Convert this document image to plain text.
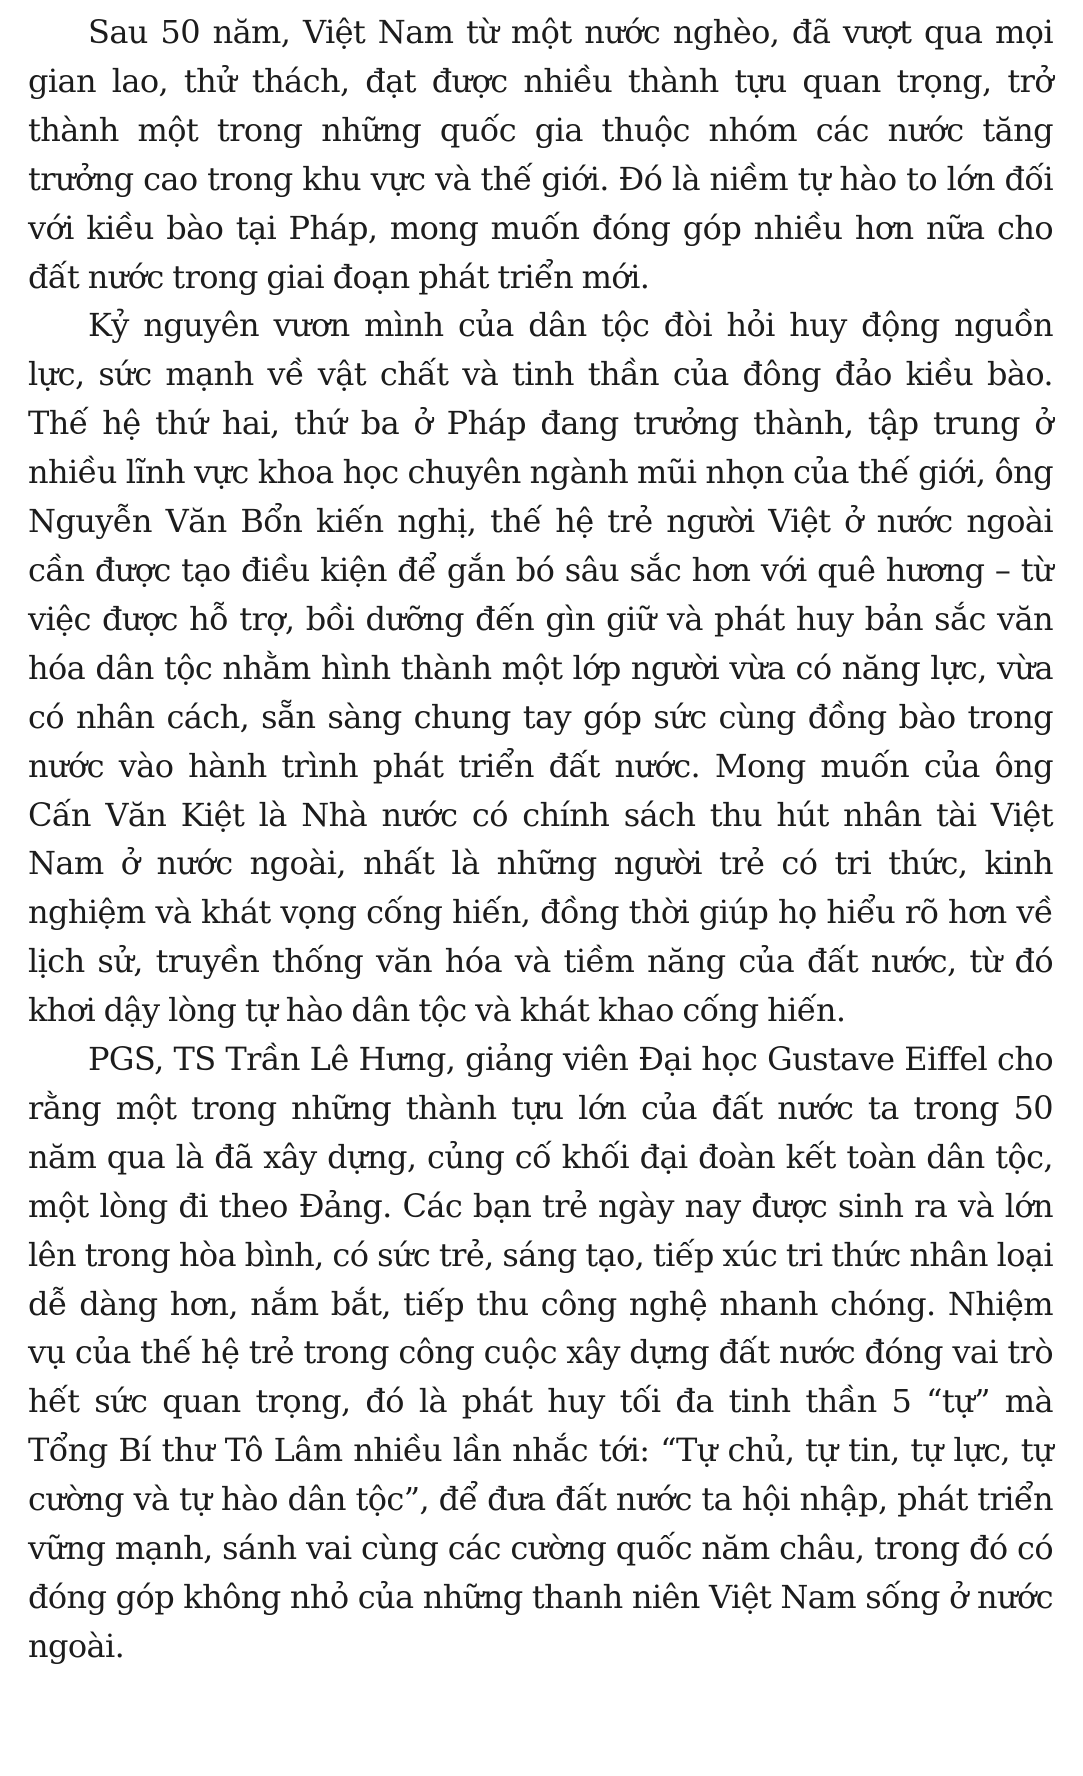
Sau 50 năm, Việt Nam từ một nước nghèo, đã vượt qua mọi gian lao, thử thách, đạt được nhiều thành tựu quan trọng, trở thành một trong những quốc gia thuộc nhóm các nước tăng trưởng cao trong khu vực và thế giới. Đó là niềm tự hào to lớn đối với kiều bào tại Pháp, mong muốn đóng góp nhiều hơn nữa cho đất nước trong giai đoạn phát triển mới.

Kỷ nguyên vươn mình của dân tộc đòi hỏi huy động nguồn lực, sức mạnh về vật chất và tinh thần của đông đảo kiều bào. Thế hệ thứ hai, thứ ba ở Pháp đang trưởng thành, tập trung ở nhiều lĩnh vực khoa học chuyên ngành mũi nhọn của thế giới, ông Nguyễn Văn Bổn kiến nghị, thế hệ trẻ người Việt ở nước ngoài cần được tạo điều kiện để gắn bó sâu sắc hơn với quê hương – từ việc được hỗ trợ, bồi dưỡng đến gìn giữ và phát huy bản sắc văn hóa dân tộc nhằm hình thành một lớp người vừa có năng lực, vừa có nhân cách, sẵn sàng chung tay góp sức cùng đồng bào trong nước vào hành trình phát triển đất nước. Mong muốn của ông Cấn Văn Kiệt là Nhà nước có chính sách thu hút nhân tài Việt Nam ở nước ngoài, nhất là những người trẻ có tri thức, kinh nghiệm và khát vọng cống hiến, đồng thời giúp họ hiểu rõ hơn về lịch sử, truyền thống văn hóa và tiềm năng của đất nước, từ đó khơi dậy lòng tự hào dân tộc và khát khao cống hiến.

PGS, TS Trần Lê Hưng, giảng viên Đại học Gustave Eiffel cho rằng một trong những thành tựu lớn của đất nước ta trong 50 năm qua là đã xây dựng, củng cố khối đại đoàn kết toàn dân tộc, một lòng đi theo Đảng. Các bạn trẻ ngày nay được sinh ra và lớn lên trong hòa bình, có sức trẻ, sáng tạo, tiếp xúc tri thức nhân loại dễ dàng hơn, nắm bắt, tiếp thu công nghệ nhanh chóng. Nhiệm vụ của thế hệ trẻ trong công cuộc xây dựng đất nước đóng vai trò hết sức quan trọng, đó là phát huy tối đa tinh thần 5 “tự” mà Tổng Bí thư Tô Lâm nhiều lần nhắc tới: “Tự chủ, tự tin, tự lực, tự cường và tự hào dân tộc”, để đưa đất nước ta hội nhập, phát triển vững mạnh, sánh vai cùng các cường quốc năm châu, trong đó có đóng góp không nhỏ của những thanh niên Việt Nam sống ở nước ngoài.
